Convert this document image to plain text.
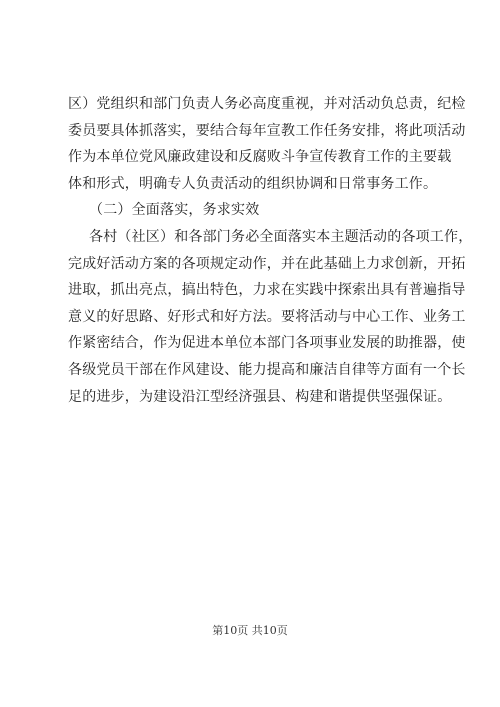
区）党组织和部门负责人务必高度重视，并对活动负总责，纪检
委员要具体抓落实，要结合每年宣教工作任务安排，将此项活动
作为本单位党风廉政建设和反腐败斗争宣传教育工作的主要载
体和形式，明确专人负责活动的组织协调和日常事务工作。
（二）全面落实，务求实效
各村（社区）和各部门务必全面落实本主题活动的各项工作，
完成好活动方案的各项规定动作，并在此基础上力求创新，开拓
进取，抓出亮点，搞出特色，力求在实践中探索出具有普遍指导
意义的好思路、好形式和好方法。要将活动与中心工作、业务工
作紧密结合，作为促进本单位本部门各项事业发展的助推器，使
各级党员干部在作风建设、能力提高和廉洁自律等方面有一个长
足的进步，为建设沿江型经济强县、构建和谐提供坚强保证。
第10页 共10页
